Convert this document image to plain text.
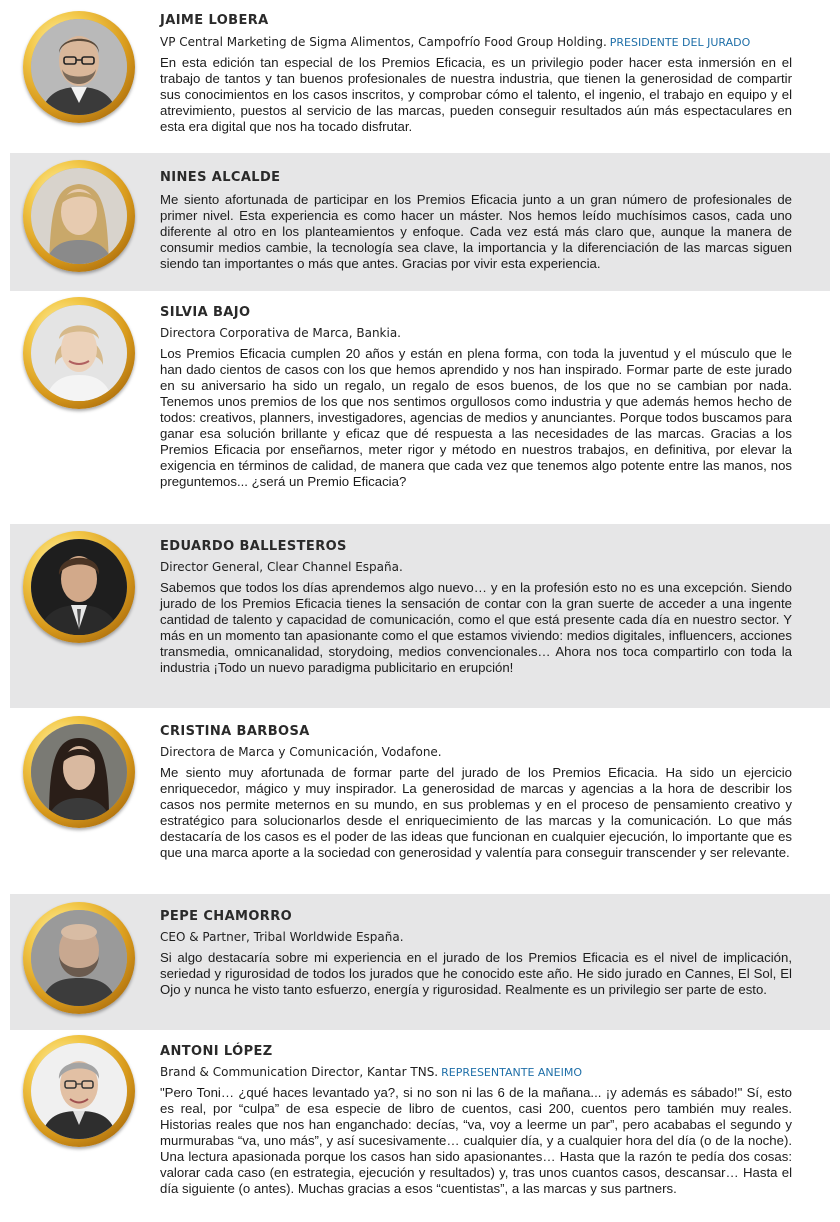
JAIME LOBERA
VP Central Marketing de Sigma Alimentos, Campofrío Food Group Holding. PRESIDENTE DEL JURADO

En esta edición tan especial de los Premios Eficacia, es un privilegio poder hacer esta inmersión en el trabajo de tantos y tan buenos profesionales de nuestra industria, que tienen la generosidad de compartir sus conocimientos en los casos inscritos, y comprobar cómo el talento, el ingenio, el trabajo en equipo y el atrevimiento, puestos al servicio de las marcas, pueden conseguir resultados aún más espectaculares en esta era digital que nos ha tocado disfrutar.

NINES ALCALDE

Me siento afortunada de participar en los Premios Eficacia junto a un gran número de profesionales de primer nivel. Esta experiencia es como hacer un máster. Nos hemos leído muchísimos casos, cada uno diferente al otro en los planteamientos y enfoque. Cada vez está más claro que, aunque la manera de consumir medios cambie, la tecnología sea clave, la importancia y la diferenciación de las marcas siguen siendo tan importantes o más que antes. Gracias por vivir esta experiencia.

SILVIA BAJO
Directora Corporativa de Marca, Bankia.

Los Premios Eficacia cumplen 20 años y están en plena forma, con toda la juventud y el músculo que le han dado cientos de casos con los que hemos aprendido y nos han inspirado. Formar parte de este jurado en su aniversario ha sido un regalo, un regalo de esos buenos, de los que no se cambian por nada. Tenemos unos premios de los que nos sentimos orgullosos como industria y que además hemos hecho de todos: creativos, planners, investigadores, agencias de medios y anunciantes. Porque todos buscamos para ganar esa solución brillante y eficaz que dé respuesta a las necesidades de las marcas. Gracias a los Premios Eficacia por enseñarnos, meter rigor y método en nuestros trabajos, en definitiva, por elevar la exigencia en términos de calidad, de manera que cada vez que tenemos algo potente entre las manos, nos preguntemos... ¿será un Premio Eficacia?

EDUARDO BALLESTEROS
Director General, Clear Channel España.

Sabemos que todos los días aprendemos algo nuevo… y en la profesión esto no es una excepción. Siendo jurado de los Premios Eficacia tienes la sensación de contar con la gran suerte de acceder a una ingente cantidad de talento y capacidad de comunicación, como el que está presente cada día en nuestro sector. Y más en un momento tan apasionante como el que estamos viviendo: medios digitales, influencers, acciones transmedia, omnicanalidad, storydoing, medios convencionales… Ahora nos toca compartirlo con toda la industria ¡Todo un nuevo paradigma publicitario en erupción!

CRISTINA BARBOSA
Directora de Marca y Comunicación, Vodafone.

Me siento muy afortunada de formar parte del jurado de los Premios Eficacia. Ha sido un ejercicio enriquecedor, mágico y muy inspirador. La generosidad de marcas y agencias a la hora de describir los casos nos permite meternos en su mundo, en sus problemas y en el proceso de pensamiento creativo y estratégico para solucionarlos desde el enriquecimiento de las marcas y la comunicación. Lo que más destacaría de los casos es el poder de las ideas que funcionan en cualquier ejecución, lo importante que es que una marca aporte a la sociedad con generosidad y valentía para conseguir transcender y ser relevante.

PEPE CHAMORRO
CEO & Partner, Tribal Worldwide España.

Si algo destacaría sobre mi experiencia en el jurado de los Premios Eficacia es el nivel de implicación, seriedad y rigurosidad de todos los jurados que he conocido este año. He sido jurado en Cannes, El Sol, El Ojo y nunca he visto tanto esfuerzo, energía y rigurosidad. Realmente es un privilegio ser parte de esto.

ANTONI LÓPEZ
Brand & Communication Director, Kantar TNS. REPRESENTANTE ANEIMO

"Pero Toni… ¿qué haces levantado ya?, si no son ni las 6 de la mañana... ¡y además es sábado!" Sí, esto es real, por “culpa” de esa especie de libro de cuentos, casi 200, cuentos pero también muy reales. Historias reales que nos han enganchado: decías, “va, voy a leerme un par”, pero acababas el segundo y murmurabas “va, uno más”, y así sucesivamente… cualquier día, y a cualquier hora del día (o de la noche). Una lectura apasionada porque los casos han sido apasionantes… Hasta que la razón te pedía dos cosas: valorar cada caso (en estrategia, ejecución y resultados) y, tras unos cuantos casos, descansar… Hasta el día siguiente (o antes). Muchas gracias a esos “cuentistas”, a las marcas y sus partners.
